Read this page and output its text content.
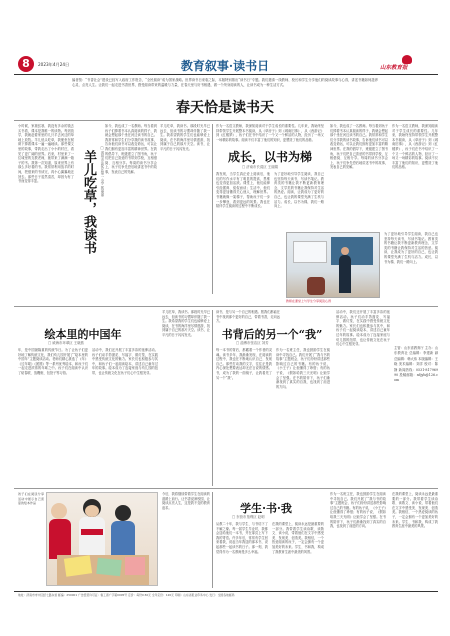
8	2023年4月24日	教育叙事·读书日	山东教育报
编者按：“书香社会”建设已经写入政府工作报告，“全民阅读”成为国家战略。世界读书日来临之际，本版特别推出“读书日”专题。我们邀请一线教师、校长和学生分享他们的阅读故事与心得，讲述书籍如何滋养心灵、点亮人生。让我们一起走进书香世界，感受阅读带来的温暖与力量，在春天里与好书相遇，做一个终身阅读的人，让读书成为一种生活方式。
春天恰是读书天
小时候，家境贫寒，我没有多余的钱去买书看，课本是我唯一的读物。每到放学，我就赶着家里的几只羊去河边的草地上放牧。羊儿低头吃草，我便坐在树荫下捧着课本一遍一遍地读。那些课文里的故事，带我走出了小小的村庄，看见了更广阔的世界。后来，村里来了一位城里的支教老师，她带来了满满一箱子的书。我第一次知道，原来世界上有那么多好看的书。我常常利用放羊的时间，把借来的书读完，再小心翼翼地还回去。那些日子虽然清苦，却因为有了书而变得丰盈。	羊儿吃草，我读书 □ 滨州市沾化区第一小学 郭丽丽
如今，我也成了一名教师。每当看到孩子们捧着书本认真阅读的样子，我就会想起那个坐在河边读书的自己。我常常和学生们分享我的读书故事，告诉他们读书可以改变命运，可以让我们拥有更加丰富的精神世界。在我的倡导下，班级建立了图书角，孩子们把自己喜爱的书带到学校，互相借阅、互相分享。每周的读书分享会上，孩子们争先恐后地讲述书中的故事，发表自己的见解。
羊儿吃草，我读书。那段时光早已远去，但读书的习惯却伴随了我一生。我希望我的学生们也能够爱上阅读，在书的海洋里尽情遨游，找到属于自己的那片天空。读书，让平凡的日子闪闪发光。
作为一名语文教师，我深知阅读对于学生成长的重要性。几年来，我始终坚持带领学生开展整本书阅读，从《草房子》到《城南旧事》，从《西游记》到《红楼梦》，孩子们在书中结识了一个又一个鲜活的人物，经历了一场又一场精彩的故事。阅读不仅丰富了他们的知识，更塑造了他们的品格。
成长，以书为梯
□ 济南市长清区 王丽娟
我发现，当学生真正爱上阅读后，他们的写作水平有了明显的提高，思维也变得更加活跃。课堂上，他们能够引经据典、侃侃而谈；生活中，他们变得更加懂得关心他人、理解世界。书籍就像一架梯子，帮助孩子们一步一步攀登，看到更远的风景。我也在陪伴学生阅读的过程中不断成长。
为了更好地引导学生阅读，我自己也坚持每天读书，写读书笔记。教育类的书籍让我不断更新教育理念，文学类的书籍让我保持对生活的热爱。阅读，让我成为了更好的自己，也让我的课堂充满了生机与活力。成长，以书为梯，我们一路向上。
如今，我也成了一名教师。每当看到孩子们捧着书本认真阅读的样子，我就会想起那个坐在河边读书的自己。我常常和学生们分享我的读书故事，告诉他们读书可以改变命运，可以让我们拥有更加丰富的精神世界。在我的倡导下，班级建立了图书角，孩子们把自己喜爱的书带到学校，互相借阅、互相分享。每周的读书分享会上，孩子们争先恐后地讲述书中的故事，发表自己的见解。
作为一名语文教师，我深知阅读对于学生成长的重要性。几年来，我始终坚持带领学生开展整本书阅读，从《草房子》到《城南旧事》，从《西游记》到《红楼梦》，孩子们在书中结识了一个又一个鲜活的人物，经历了一场又一场精彩的故事。阅读不仅丰富了他们的知识，更塑造了他们的品格。
教师在课堂上与学生分享阅读心得
为了更好地引导学生阅读，我自己也坚持每天读书，写读书笔记。教育类的书籍让我不断更新教育理念，文学类的书籍让我保持对生活的热爱。阅读，让我成为了更好的自己，也让我的课堂充满了生机与活力。成长，以书为梯，我们一路向上。
绘本里的中国年
□ 威海市环翠区 王晓燕
年，是中国最隆重的传统节日。为了让孩子们更好地了解传统文化，我们幼儿园开展了“绘本里的中国年”主题阅读活动。老师们精心挑选了《年》《过年啦》《团圆》等一系列优秀绘本，和孩子们一起走进浓浓的年味之中。孩子们在阅读中认识了贴春联、放鞭炮、包饺子等习俗。
活动中，我们还开展了丰富多彩的延伸活动。孩子们动手剪窗花、写福字、做灯笼，在实践中感受传统文化的魅力。家长们也积极参与其中，和孩子们一起阅读绘本，讲述自己童年过年的故事。绘本成为了连接家庭与幼儿园的纽带，也让传统文化在孩子们心中生根发芽。
羊儿吃草，我读书。那段时光早已远去，但读书的习惯却伴随了我一生。我希望我的学生们也能够爱上阅读，在书的海洋里尽情遨游，找到属于自己的那片天空。读书，让平凡的日子闪闪发光。
读书，是与另一个自己的相遇。愿我们都能在书中找到那个更好的自己，带着书香，走向远方。
书背后的另一个“我”
□ 淄博市张店区 刘芳
每一本书的背后，都藏着一个作者的灵魂。读书多年，我渐渐发现，在阅读的过程中，我也在不断地认识自己、发现自己。那些打动我的文字，往往正是我内心深处想要表达却无法言说的情感。书，成为了我的一面镜子，让我看见了另一个“我”。
作为一名班主任，我也鼓励学生在阅读中寻找自己。我们开展了“我与书的故事”主题班会，孩子们纷纷讲述那些影响过自己的书籍。有的孩子说，《小王子》让他懂得了珍惜；有的孩子说，《假如给我三天光明》让她学会了坚强。在书的陪伴下，孩子们渐渐找到了真实的自我，也找到了前进的方向。
活动中，我们还开展了丰富多彩的延伸活动。孩子们动手剪窗花、写福字、做灯笼，在实践中感受传统文化的魅力。家长们也积极参与其中，和孩子们一起阅读绘本，讲述自己童年过年的故事。绘本成为了连接家庭与幼儿园的纽带，也让传统文化在孩子们心中生根发芽。
主管：山东省教育厅 主办：山东教育社 总编辑：李建新 副总编辑：韩大伟 本版编辑：王晓 美术编辑：刘洋 校对：陈静 新闻热线：0531-81796990 投稿邮箱：sdjyb@126.com
孩子们在阅读分享活动中展示自己喜爱的绘本作品
今后，我将继续带着学生在阅读的道路上前行。让书香浸润校园，让阅读点亮人生，这是我不变的教育追求。	学生·书·我
□ 东营市垦利区 赵明
从教二十年，我与学生、与书结下了不解之缘。每一届学生毕业时，我都会送给他们一本书，并在扉页上写下我的寄语。许多年后，常常有学生回来看我，说起当年我送的那本书，说起那些一起读书的日子。那一刻，我觉得作为一名教师是多么幸福。
在我的课堂上，阅读永远是最重要的一部分。我带着学生读诗歌、读散文、读小说，带着他们在文字中感受美、发现美、创造美。我相信，一个热爱阅读的孩子，一定会拥有一个更加美好的未来。学生、书和我，构成了我教育生涯中最美的风景。
作为一名班主任，我也鼓励学生在阅读中寻找自己。我们开展了“我与书的故事”主题班会，孩子们纷纷讲述那些影响过自己的书籍。有的孩子说，《小王子》让他懂得了珍惜；有的孩子说，《假如给我三天光明》让她学会了坚强。在书的陪伴下，孩子们渐渐找到了真实的自我，也找到了前进的方向。
在我的课堂上，阅读永远是最重要的一部分。我带着学生读诗歌、读散文、读小说，带着他们在文字中感受美、发现美、创造美。我相信，一个热爱阅读的孩子，一定会拥有一个更加美好的未来。学生、书和我，构成了我教育生涯中最美的风景。
地址：济南市市中区经七路东首 邮编：250001 广告经营许可证：鲁工商广字第0005号 定价：每份0.50元 全年定价：120元 印刷：山东省报业印务中心 发行：全国各地邮局
